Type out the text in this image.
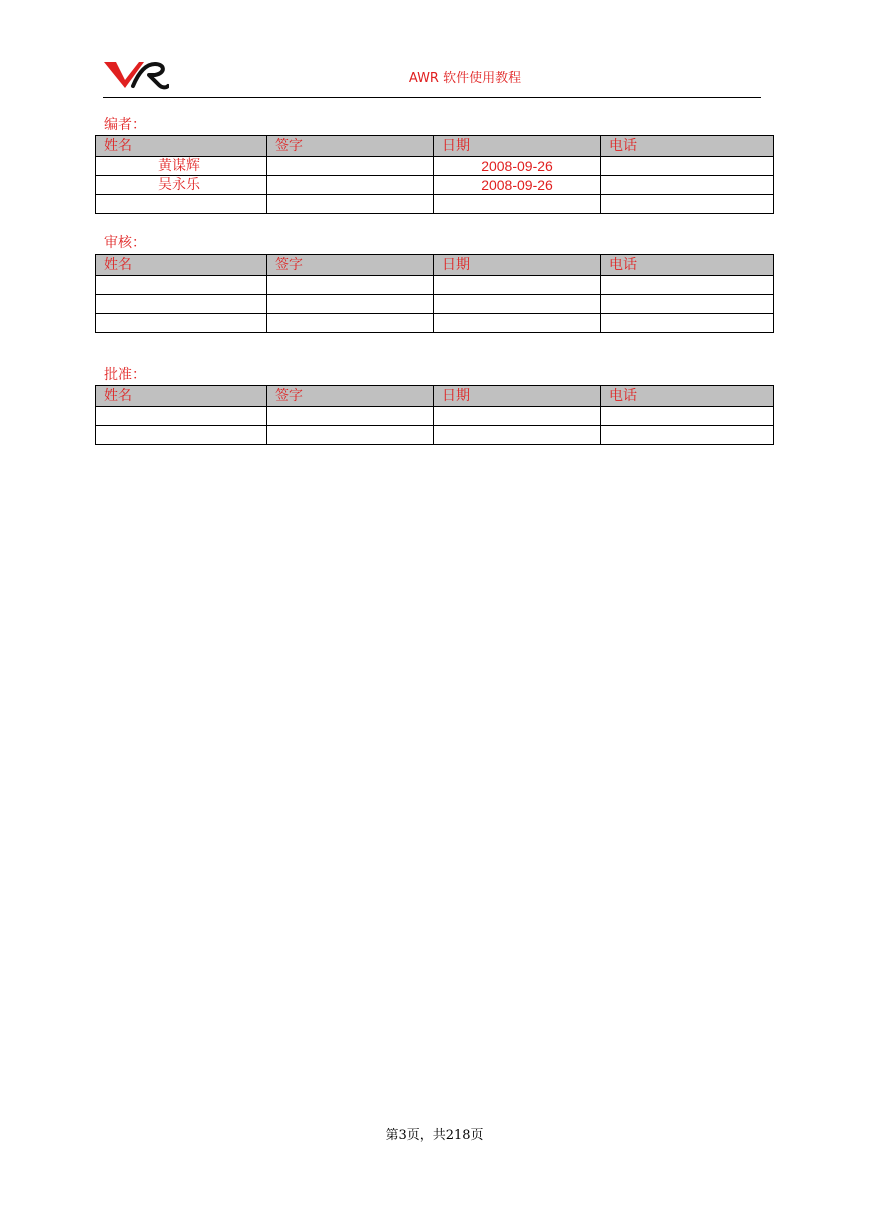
AWR 软件使用教程
编者：
姓名	签字	日期	电话
黄谋辉		2008-09-26	
吴永乐		2008-09-26	

审核：
姓名	签字	日期	电话

批准：
姓名	签字	日期	电话

第3页，共218页
